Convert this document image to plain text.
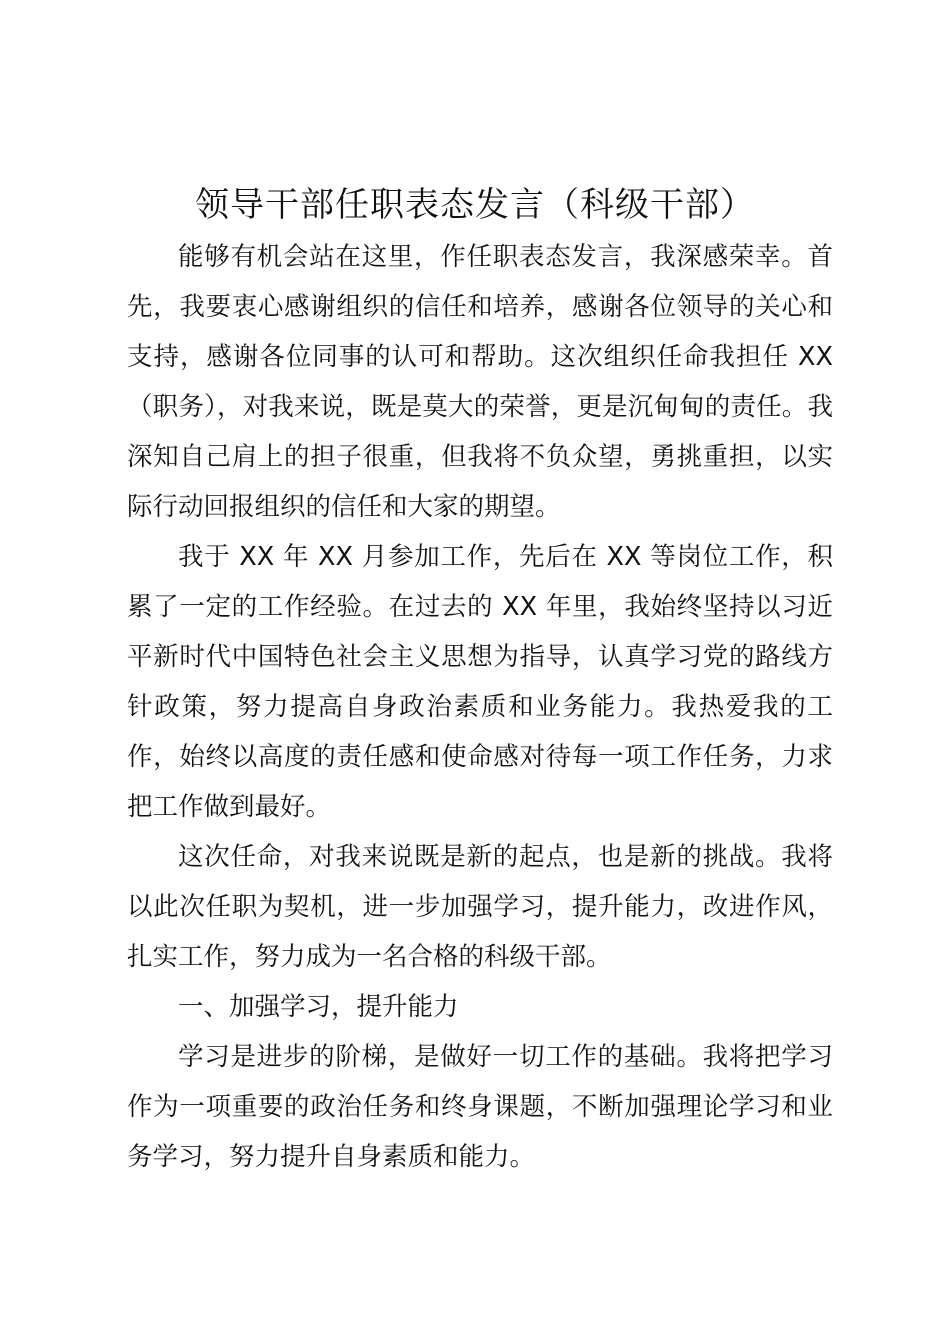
领导干部任职表态发言（科级干部）

能够有机会站在这里，作任职表态发言，我深感荣幸。首先，我要衷心感谢组织的信任和培养，感谢各位领导的关心和支持，感谢各位同事的认可和帮助。这次组织任命我担任 XX（职务），对我来说，既是莫大的荣誉，更是沉甸甸的责任。我深知自己肩上的担子很重，但我将不负众望，勇挑重担，以实际行动回报组织的信任和大家的期望。

我于 XX 年 XX 月参加工作，先后在 XX 等岗位工作，积累了一定的工作经验。在过去的 XX 年里，我始终坚持以习近平新时代中国特色社会主义思想为指导，认真学习党的路线方针政策，努力提高自身政治素质和业务能力。我热爱我的工作，始终以高度的责任感和使命感对待每一项工作任务，力求把工作做到最好。

这次任命，对我来说既是新的起点，也是新的挑战。我将以此次任职为契机，进一步加强学习，提升能力，改进作风，扎实工作，努力成为一名合格的科级干部。

一、加强学习，提升能力

学习是进步的阶梯，是做好一切工作的基础。我将把学习作为一项重要的政治任务和终身课题，不断加强理论学习和业务学习，努力提升自身素质和能力。
